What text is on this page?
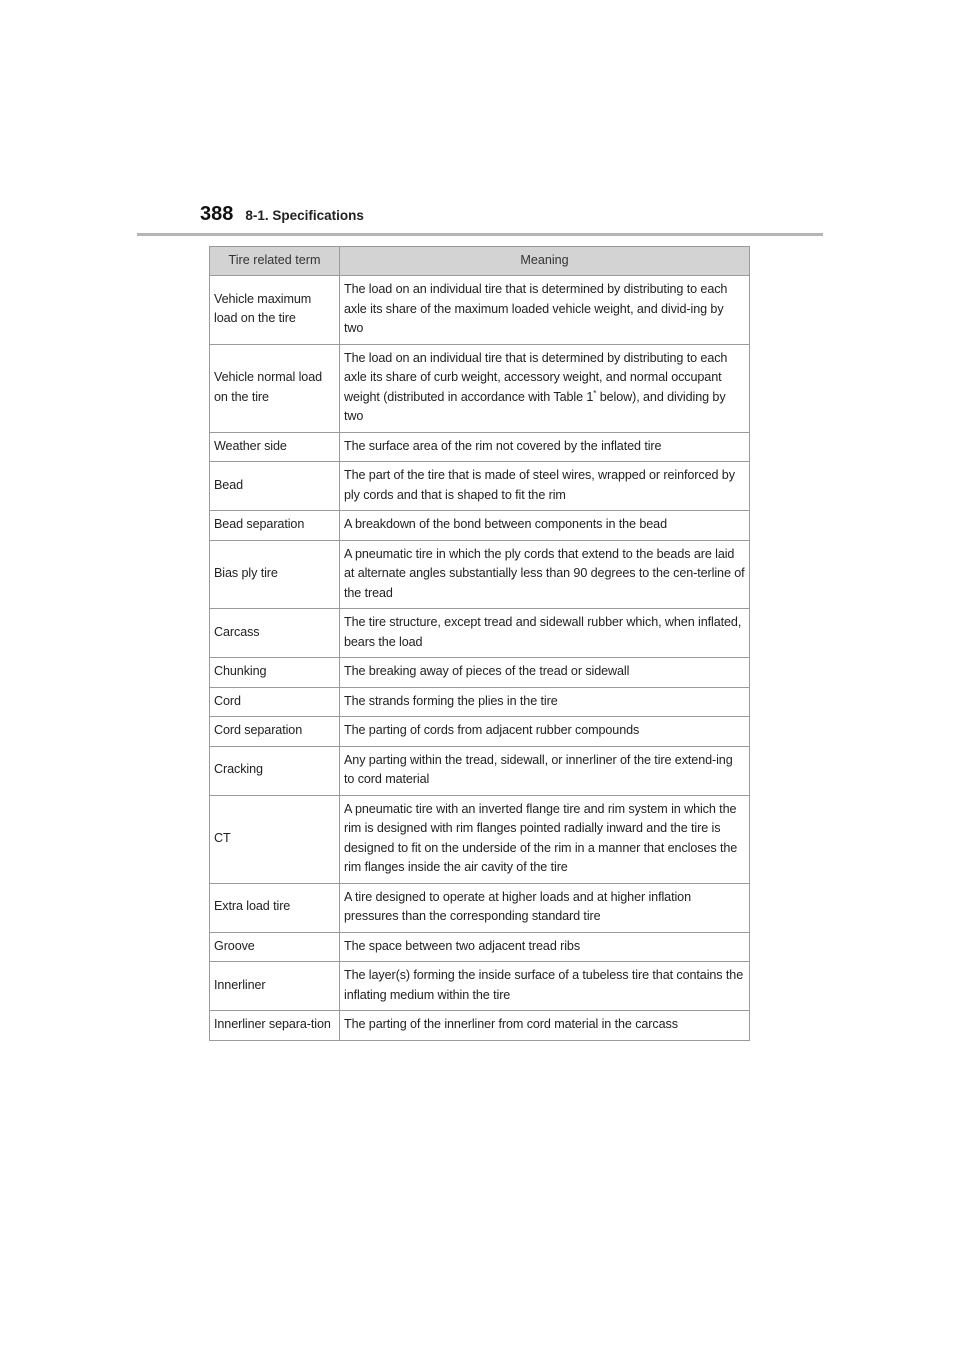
388 8-1. Specifications
Tire related term	Meaning
Vehicle maximum load on the tire	The load on an individual tire that is determined by distributing to each axle its share of the maximum loaded vehicle weight, and divid-ing by two
Vehicle normal load on the tire	The load on an individual tire that is determined by distributing to each axle its share of curb weight, accessory weight, and normal occupant weight (distributed in accordance with Table 1* below), and dividing by two
Weather side	The surface area of the rim not covered by the inflated tire
Bead	The part of the tire that is made of steel wires, wrapped or reinforced by ply cords and that is shaped to fit the rim
Bead separation	A breakdown of the bond between components in the bead
Bias ply tire	A pneumatic tire in which the ply cords that extend to the beads are laid at alternate angles substantially less than 90 degrees to the cen-terline of the tread
Carcass	The tire structure, except tread and sidewall rubber which, when inflated, bears the load
Chunking	The breaking away of pieces of the tread or sidewall
Cord	The strands forming the plies in the tire
Cord separation	The parting of cords from adjacent rubber compounds
Cracking	Any parting within the tread, sidewall, or innerliner of the tire extend-ing to cord material
CT	A pneumatic tire with an inverted flange tire and rim system in which the rim is designed with rim flanges pointed radially inward and the tire is designed to fit on the underside of the rim in a manner that encloses the rim flanges inside the air cavity of the tire
Extra load tire	A tire designed to operate at higher loads and at higher inflation pressures than the corresponding standard tire
Groove	The space between two adjacent tread ribs
Innerliner	The layer(s) forming the inside surface of a tubeless tire that contains the inflating medium within the tire
Innerliner separa-tion	The parting of the innerliner from cord material in the carcass
